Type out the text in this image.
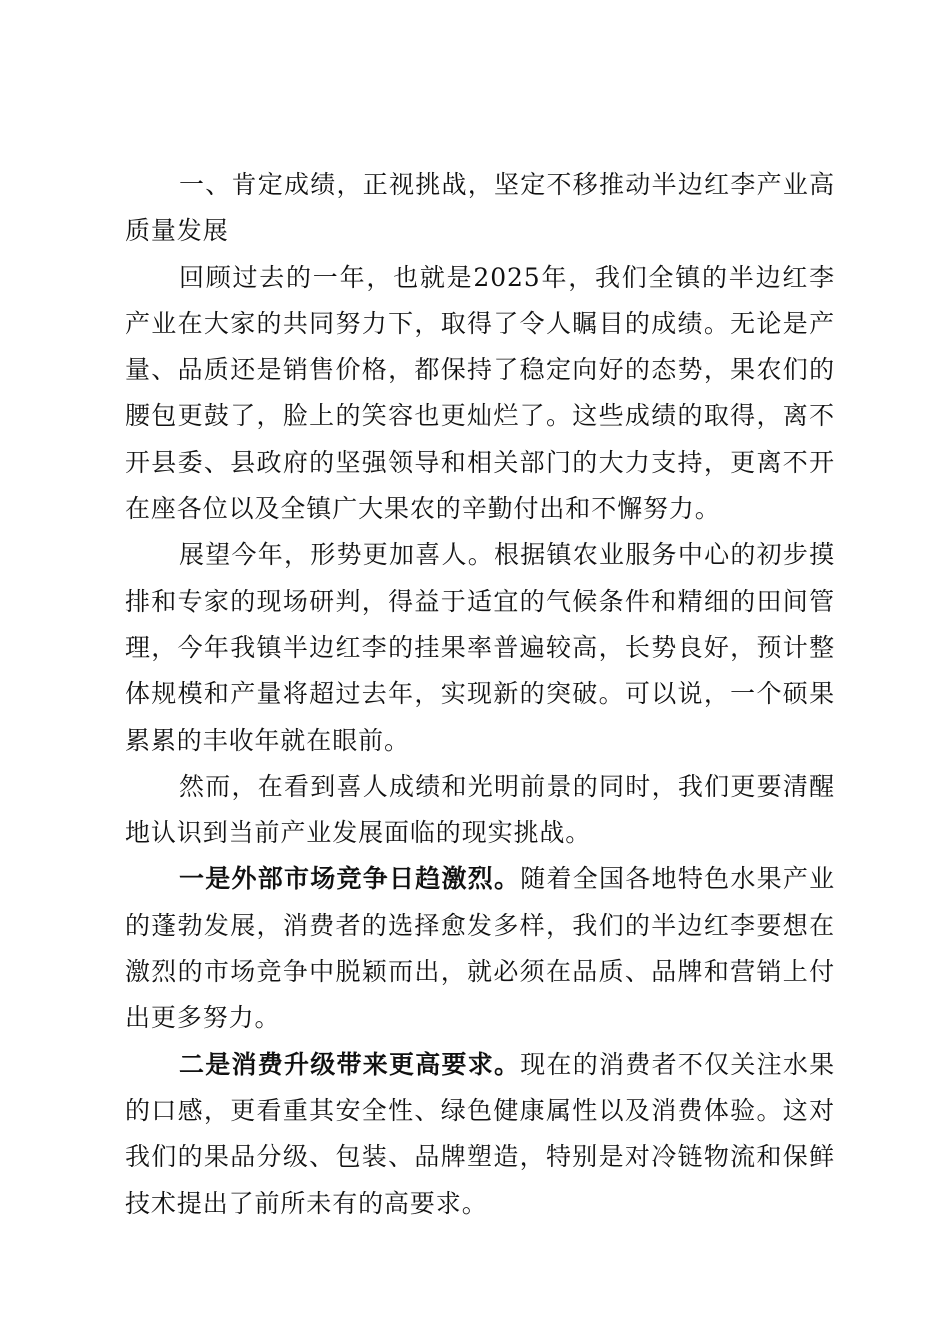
一、肯定成绩，正视挑战，坚定不移推动半边红李产业高质量发展

回顾过去的一年，也就是2025年，我们全镇的半边红李产业在大家的共同努力下，取得了令人瞩目的成绩。无论是产量、品质还是销售价格，都保持了稳定向好的态势，果农们的腰包更鼓了，脸上的笑容也更灿烂了。这些成绩的取得，离不开县委、县政府的坚强领导和相关部门的大力支持，更离不开在座各位以及全镇广大果农的辛勤付出和不懈努力。

展望今年，形势更加喜人。根据镇农业服务中心的初步摸排和专家的现场研判，得益于适宜的气候条件和精细的田间管理，今年我镇半边红李的挂果率普遍较高，长势良好，预计整体规模和产量将超过去年，实现新的突破。可以说，一个硕果累累的丰收年就在眼前。

然而，在看到喜人成绩和光明前景的同时，我们更要清醒地认识到当前产业发展面临的现实挑战。

一是外部市场竞争日趋激烈。随着全国各地特色水果产业的蓬勃发展，消费者的选择愈发多样，我们的半边红李要想在激烈的市场竞争中脱颖而出，就必须在品质、品牌和营销上付出更多努力。

二是消费升级带来更高要求。现在的消费者不仅关注水果的口感，更看重其安全性、绿色健康属性以及消费体验。这对我们的果品分级、包装、品牌塑造，特别是对冷链物流和保鲜技术提出了前所未有的高要求。
